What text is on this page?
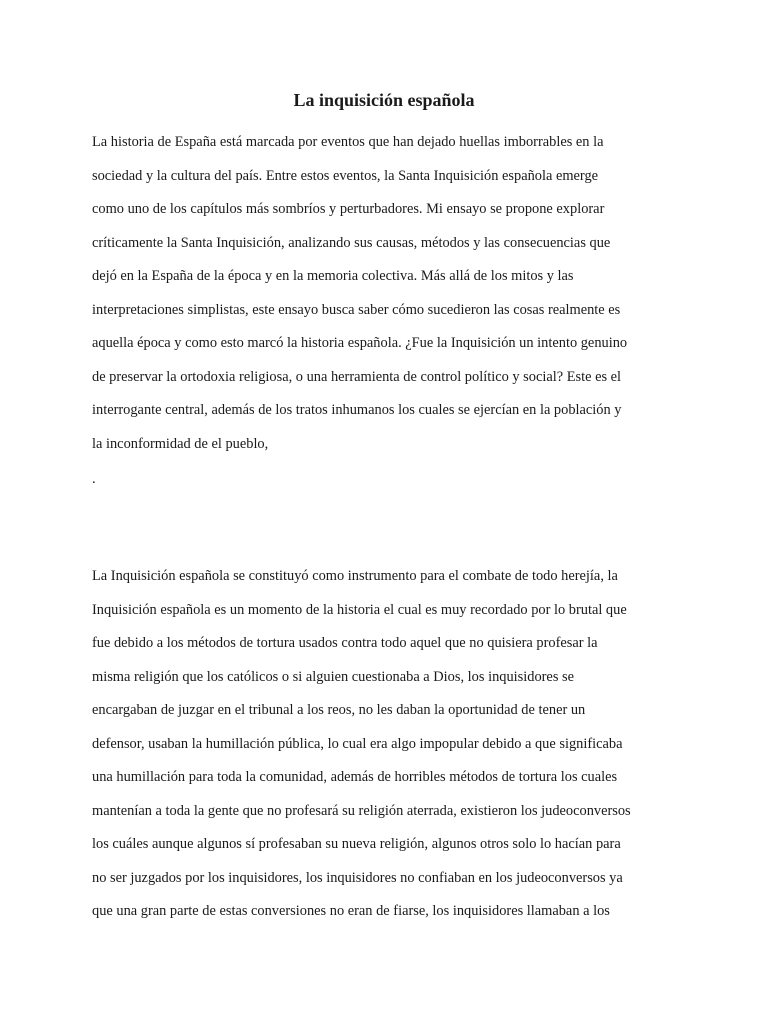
La inquisición española
La historia de España está marcada por eventos que han dejado huellas imborrables en la
sociedad y la cultura del país. Entre estos eventos, la Santa Inquisición española emerge
como uno de los capítulos más sombríos y perturbadores. Mi ensayo se propone explorar
críticamente la Santa Inquisición, analizando sus causas, métodos y las consecuencias que
dejó en la España de la época y en la memoria colectiva. Más allá de los mitos y las
interpretaciones simplistas, este ensayo busca saber cómo sucedieron las cosas realmente es
aquella época y como esto marcó la historia española. ¿Fue la Inquisición un intento genuino
de preservar la ortodoxia religiosa, o una herramienta de control político y social? Este es el
interrogante central, además de los tratos inhumanos los cuales se ejercían en la población y
la inconformidad de el pueblo,
.
La Inquisición española se constituyó como instrumento para el combate de todo herejía, la
Inquisición española es un momento de la historia el cual es muy recordado por lo brutal que
fue debido a los métodos de tortura usados contra todo aquel que no quisiera profesar la
misma religión que los católicos o si alguien cuestionaba a Dios, los inquisidores se
encargaban de juzgar en el tribunal a los reos, no les daban la oportunidad de tener un
defensor, usaban la humillación pública, lo cual era algo impopular debido a que significaba
una humillación para toda la comunidad, además de horribles métodos de tortura los cuales
mantenían a toda la gente que no profesará su religión aterrada, existieron los judeoconversos
los cuáles aunque algunos sí profesaban su nueva religión, algunos otros solo lo hacían para
no ser juzgados por los inquisidores, los inquisidores no confiaban en los judeoconversos ya
que una gran parte de estas conversiones no eran de fiarse, los inquisidores llamaban a los
